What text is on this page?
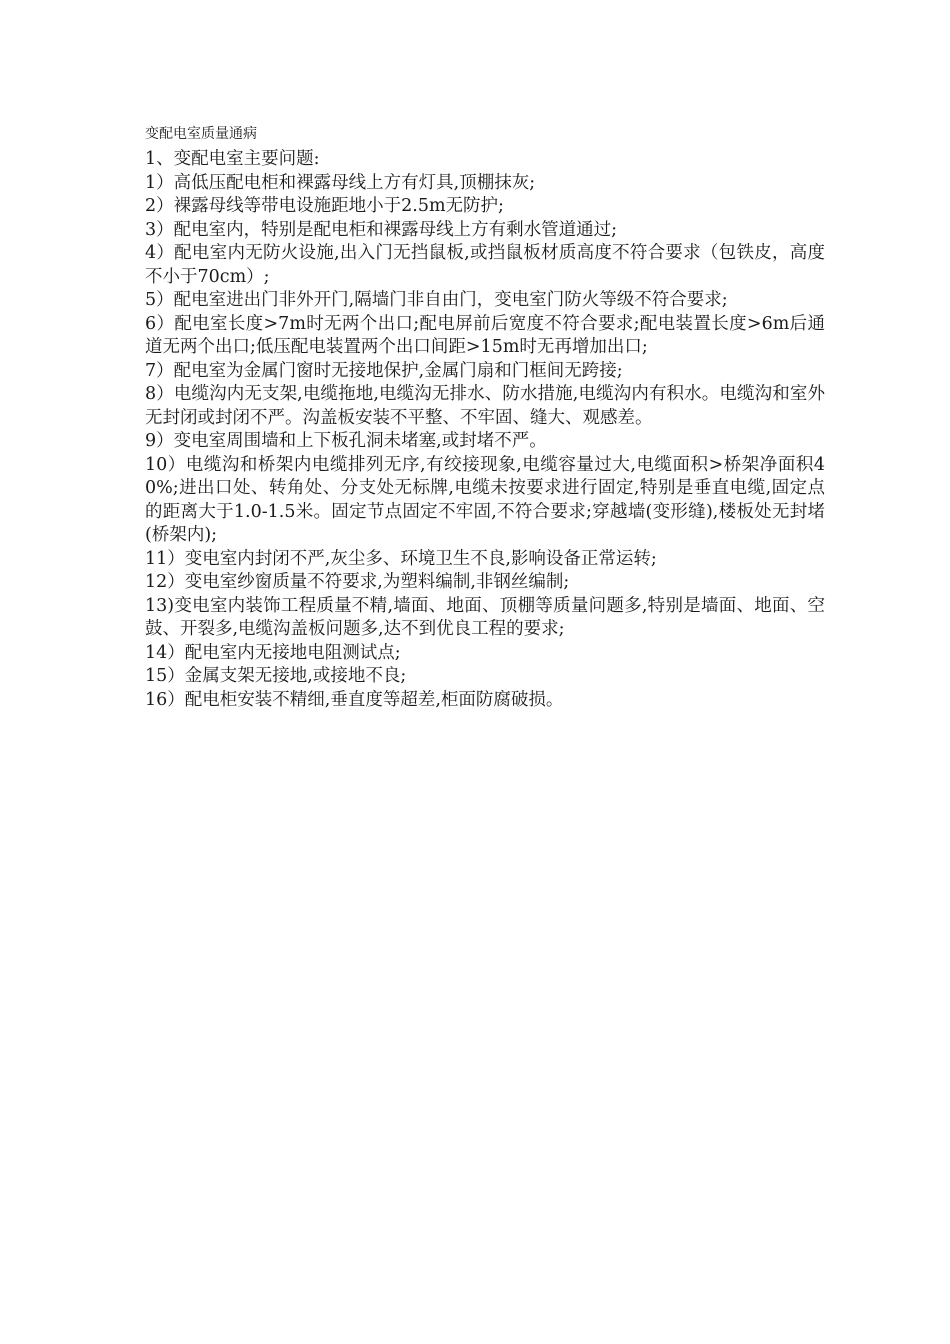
变配电室质量通病

1、变配电室主要问题:

1）高低压配电柜和裸露母线上方有灯具,顶棚抹灰;

2）裸露母线等带电设施距地小于2.5m无防护;

3）配电室内，特别是配电柜和裸露母线上方有剩水管道通过;

4）配电室内无防火设施,出入门无挡鼠板,或挡鼠板材质高度不符合要求（包铁皮，高度不小于70cm）;

5）配电室进出门非外开门,隔墙门非自由门，变电室门防火等级不符合要求;

6）配电室长度>7m时无两个出口;配电屏前后宽度不符合要求;配电装置长度>6m后通道无两个出口;低压配电装置两个出口间距>15m时无再增加出口;

7）配电室为金属门窗时无接地保护,金属门扇和门框间无跨接;

8）电缆沟内无支架,电缆拖地,电缆沟无排水、防水措施,电缆沟内有积水。电缆沟和室外无封闭或封闭不严。沟盖板安装不平整、不牢固、缝大、观感差。

9）变电室周围墙和上下板孔洞未堵塞,或封堵不严。

10）电缆沟和桥架内电缆排列无序,有绞接现象,电缆容量过大,电缆面积>桥架净面积40%;进出口处、转角处、分支处无标牌,电缆未按要求进行固定,特别是垂直电缆,固定点的距离大于1.0-1.5米。固定节点固定不牢固,不符合要求;穿越墙(变形缝),楼板处无封堵(桥架内);

11）变电室内封闭不严,灰尘多、环境卫生不良,影响设备正常运转;

12）变电室纱窗质量不符要求,为塑料编制,非钢丝编制;

13)变电室内装饰工程质量不精,墙面、地面、顶棚等质量问题多,特别是墙面、地面、空鼓、开裂多,电缆沟盖板问题多,达不到优良工程的要求;

14）配电室内无接地电阻测试点;

15）金属支架无接地,或接地不良;

16）配电柜安装不精细,垂直度等超差,柜面防腐破损。
